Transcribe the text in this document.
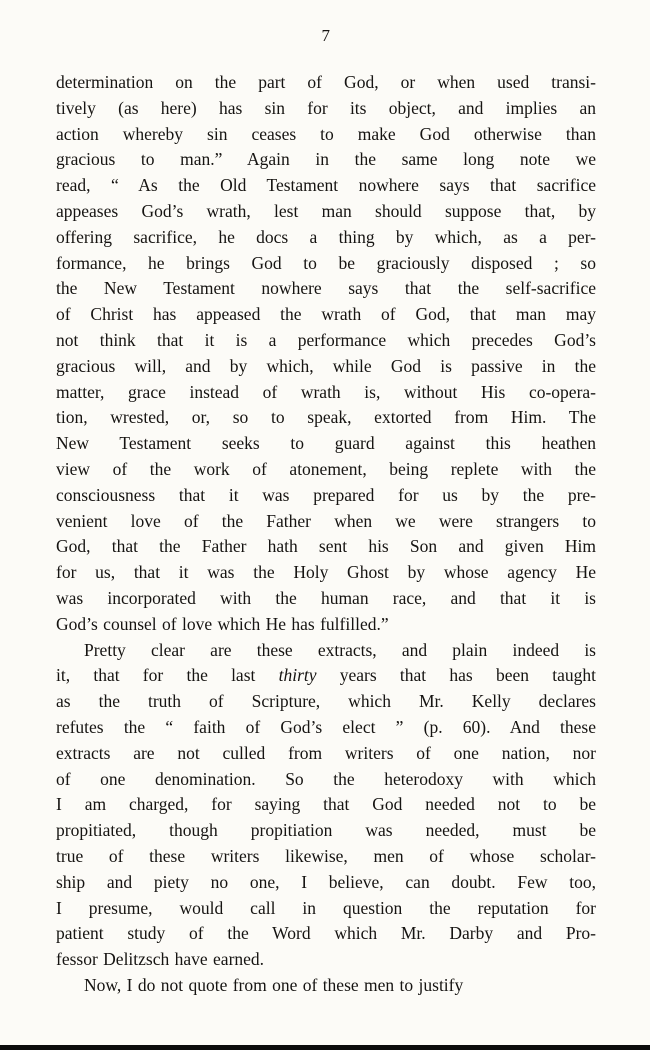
7
determination on the part of God, or when used transi-
tively (as here) has sin for its object, and implies an
action whereby sin ceases to make God otherwise than
gracious to man.” Again in the same long note we
read, “ As the Old Testament nowhere says that sacrifice
appeases God’s wrath, lest man should suppose that, by
offering sacrifice, he docs a thing by which, as a per-
formance, he brings God to be graciously disposed ; so
the New Testament nowhere says that the self-sacrifice
of Christ has appeased the wrath of God, that man may
not think that it is a performance which precedes God’s
gracious will, and by which, while God is passive in the
matter, grace instead of wrath is, without His co-opera-
tion, wrested, or, so to speak, extorted from Him. The
New Testament seeks to guard against this heathen
view of the work of atonement, being replete with the
consciousness that it was prepared for us by the pre-
venient love of the Father when we were strangers to
God, that the Father hath sent his Son and given Him
for us, that it was the Holy Ghost by whose agency He
was incorporated with the human race, and that it is
God’s counsel of love which He has fulfilled.”
Pretty clear are these extracts, and plain indeed is
it, that for the last thirty years that has been taught
as the truth of Scripture, which Mr. Kelly declares
refutes the “ faith of God’s elect ” (p. 60). And these
extracts are not culled from writers of one nation, nor
of one denomination. So the heterodoxy with which
I am charged, for saying that God needed not to be
propitiated, though propitiation was needed, must be
true of these writers likewise, men of whose scholar-
ship and piety no one, I believe, can doubt. Few too,
I presume, would call in question the reputation for
patient study of the Word which Mr. Darby and Pro-
fessor Delitzsch have earned.
Now, I do not quote from one of these men to justify
